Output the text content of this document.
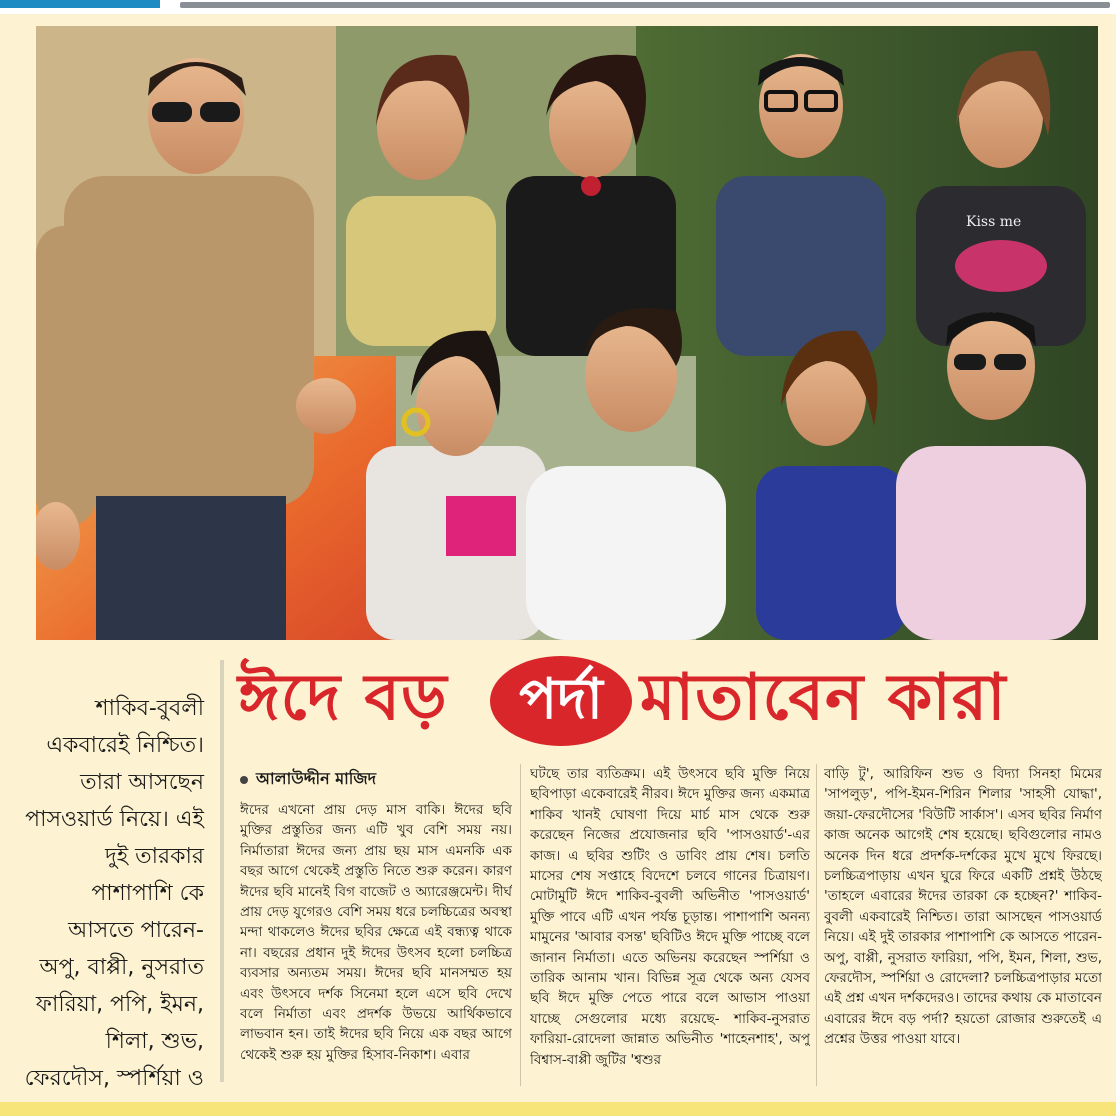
Kiss me
ঈদে বড়	পর্দা মাতাবেন কারা
শাকিব-বুবলী একবারেই নিশ্চিত। তারা আসছেন পাসওয়ার্ড নিয়ে। এই দুই তারকার পাশাপাশি কে আসতে পারেন- অপু, বাপ্পী, নুসরাত ফারিয়া, পপি, ইমন, শিলা, শুভ, ফেরদৌস, স্পর্শিয়া ও
আলাউদ্দীন মাজিদ
ঈদের এখনো প্রায় দেড় মাস বাকি। ঈদের ছবি মুক্তির প্রস্তুতির জন্য এটি খুব বেশি সময় নয়। নির্মাতারা ঈদের জন্য প্রায় ছয় মাস এমনকি এক বছর আগে থেকেই প্রস্তুতি নিতে শুরু করেন। কারণ ঈদের ছবি মানেই বিগ বাজেট ও অ্যারেঞ্জমেন্ট। দীর্ঘ প্রায় দেড় যুগেরও বেশি সময় ধরে চলচ্চিত্রের অবস্থা মন্দা থাকলেও ঈদের ছবির ক্ষেত্রে এই বন্ধ্যত্ব থাকে না। বছরের প্রধান দুই ঈদের উৎসব হলো চলচ্চিত্র ব্যবসার অন্যতম সময়। ঈদের ছবি মানসম্মত হয় এবং উৎসবে দর্শক সিনেমা হলে এসে ছবি দেখে বলে নির্মাতা এবং প্রদর্শক উভয়ে আর্থিকভাবে লাভবান হন। তাই ঈদের ছবি নিয়ে এক বছর আগে থেকেই শুরু হয় মুক্তির হিসাব-নিকাশ। এবার
ঘটছে তার ব্যতিক্রম। এই উৎসবে ছবি মুক্তি নিয়ে ছবিপাড়া একেবারেই নীরব। ঈদে মুক্তির জন্য একমাত্র শাকিব খানই ঘোষণা দিয়ে মার্চ মাস থেকে শুরু করেছেন নিজের প্রযোজনার ছবি 'পাসওয়ার্ড'-এর কাজ। এ ছবির শুটিং ও ডাবিং প্রায় শেষ। চলতি মাসের শেষ সপ্তাহে বিদেশে চলবে গানের চিত্রায়ণ। মোটামুটি ঈদে শাকিব-বুবলী অভিনীত 'পাসওয়ার্ড' মুক্তি পাবে এটি এখন পর্যন্ত চূড়ান্ত। পাশাপাশি অনন্য মামুনের 'আবার বসন্ত' ছবিটিও ঈদে মুক্তি পাচ্ছে বলে জানান নির্মাতা। এতে অভিনয় করেছেন স্পর্শিয়া ও তারিক আনাম খান। বিভিন্ন সূত্র থেকে অন্য যেসব ছবি ঈদে মুক্তি পেতে পারে বলে আভাস পাওয়া যাচ্ছে সেগুলোর মধ্যে রয়েছে- শাকিব-নুসরাত ফারিয়া-রোদেলা জান্নাত অভিনীত 'শাহেনশাহ', অপু বিশ্বাস-বাপ্পী জুটির 'শ্বশুর
বাড়ি টু', আরিফিন শুভ ও বিদ্যা সিনহা মিমের 'সাপলুড়', পপি-ইমন-শিরিন শিলার 'সাহসী যোদ্ধা', জয়া-ফেরদৌসের 'বিউটি সার্কাস'। এসব ছবির নির্মাণ কাজ অনেক আগেই শেষ হয়েছে। ছবিগুলোর নামও অনেক দিন ধরে প্রদর্শক-দর্শকের মুখে মুখে ফিরছে। চলচ্চিত্রপাড়ায় এখন ঘুরে ফিরে একটি প্রশ্নই উঠছে 'তাহলে এবারের ঈদের তারকা কে হচ্ছেন?' শাকিব-বুবলী একবারেই নিশ্চিত। তারা আসছেন পাসওয়ার্ড নিয়ে। এই দুই তারকার পাশাপাশি কে আসতে পারেন- অপু, বাপ্পী, নুসরাত ফারিয়া, পপি, ইমন, শিলা, শুভ, ফেরদৌস, স্পর্শিয়া ও রোদেলা? চলচ্চিত্রপাড়ার মতো এই প্রশ্ন এখন দর্শকদেরও। তাদের কথায় কে মাতাবেন এবারের ঈদে বড় পর্দা? হয়তো রোজার শুরুতেই এ প্রশ্নের উত্তর পাওয়া যাবে।
